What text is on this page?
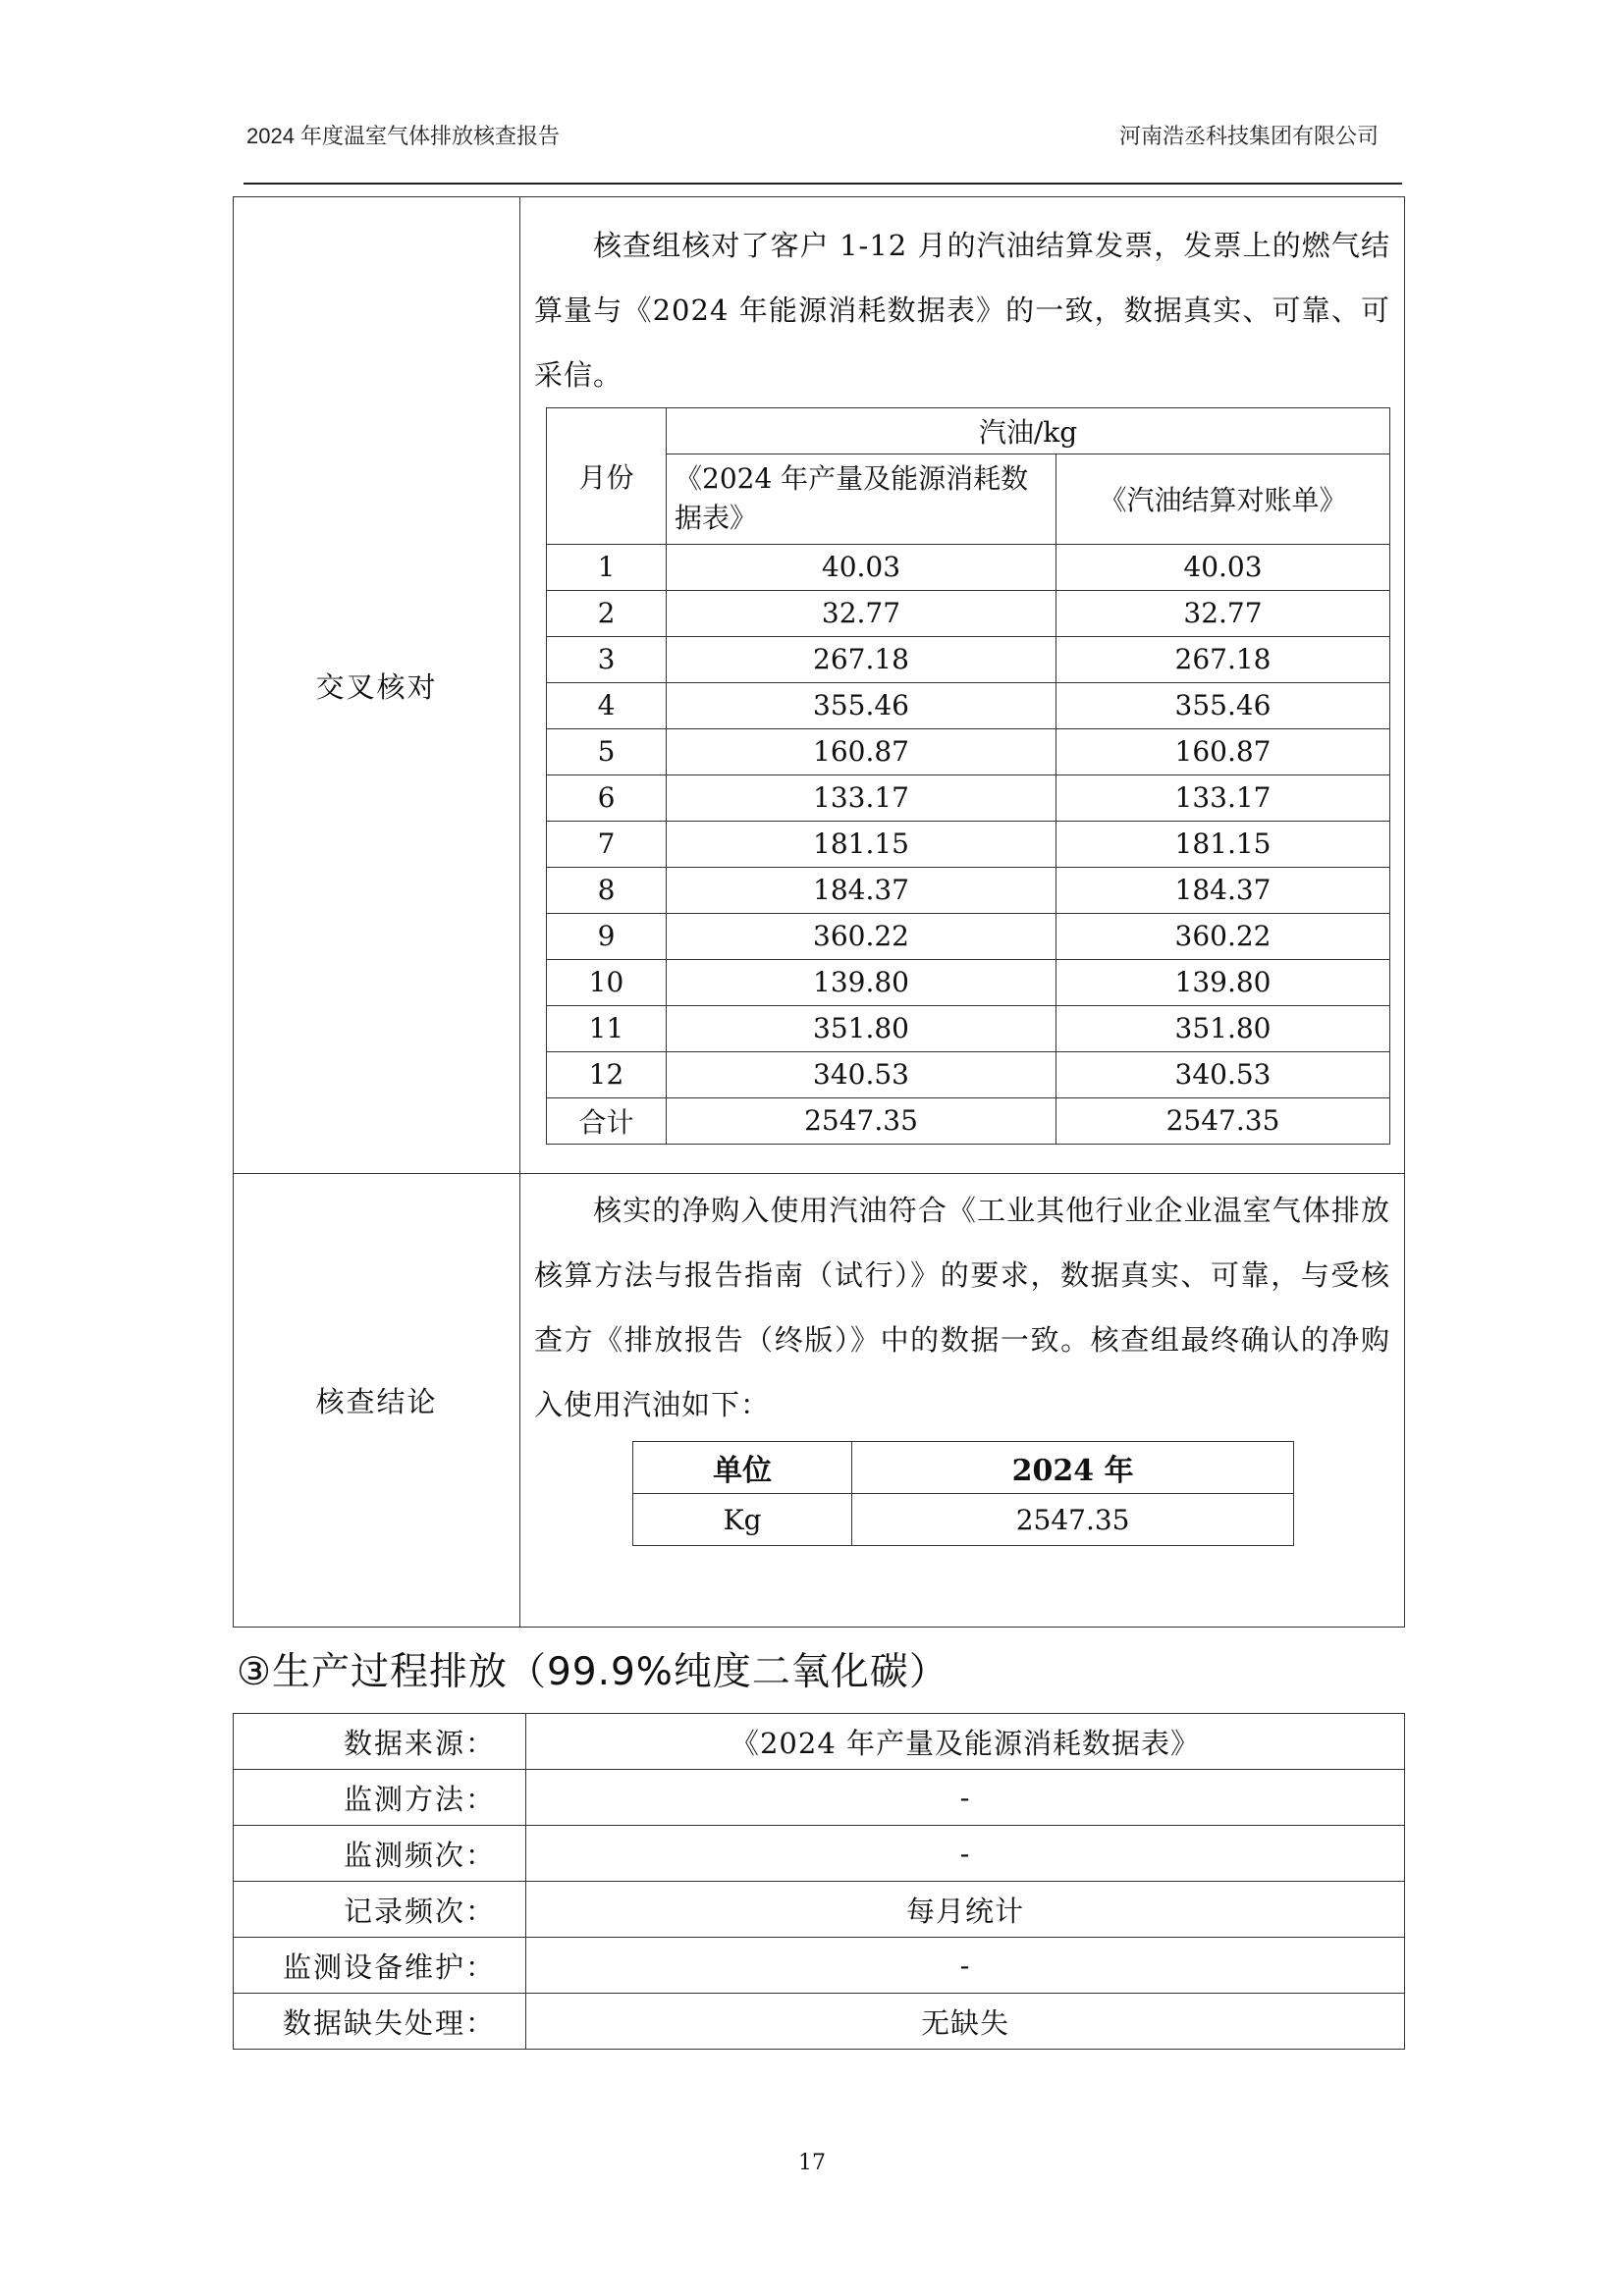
2024 年度温室气体排放核查报告	河南浩丞科技集团有限公司
交叉核对	
核查组核对了客户 1-12 月的汽油结算发票，发票上的燃气结算量与《2024 年能源消耗数据表》的一致，数据真实、可靠、可采信。
月份	汽油/kg
《2024 年产量及能源消耗数据表》	《汽油结算对账单》
1	40.03	40.03
2	32.77	32.77
3	267.18	267.18
4	355.46	355.46
5	160.87	160.87
6	133.17	133.17
7	181.15	181.15
8	184.37	184.37
9	360.22	360.22
10	139.80	139.80
11	351.80	351.80
12	340.53	340.53
合计	2547.35	2547.35

核查结论	
核实的净购入使用汽油符合《工业其他行业企业温室气体排放核算方法与报告指南（试行）》的要求，数据真实、可靠，与受核查方《排放报告（终版）》中的数据一致。核查组最终确认的净购入使用汽油如下：
单位	2024 年
Kg	2547.35
③生产过程排放（99.9%纯度二氧化碳）
数据来源：	《2024 年产量及能源消耗数据表》
监测方法：	-
监测频次：	-
记录频次：	每月统计
监测设备维护：	-
数据缺失处理：	无缺失
17
